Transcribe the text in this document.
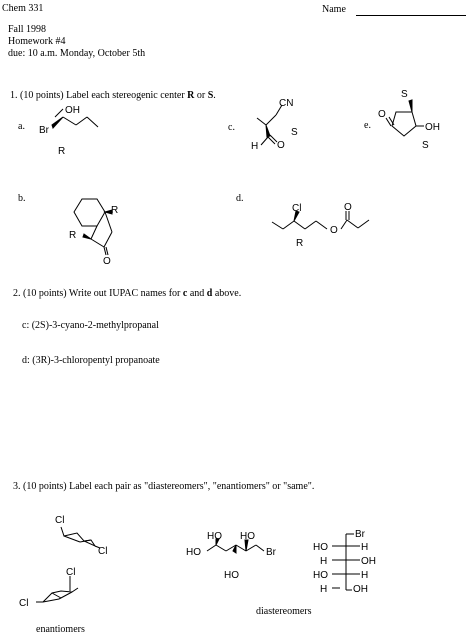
Chem 331	Name
Fall 1998
Homework #4
due: 10 a.m. Monday, October 5th
1. (10 points) Label each stereogenic center R or S.
a.	c.	e.
b.	d.
2. (10 points) Write out IUPAC names for c and d above.
c: (2S)-3-cyano-2-methylpropanal
d: (3R)-3-chloropentyl propanoate
3. (10 points) Label each pair as "diastereomers", "enantiomers" or "same".
enantiomers
diastereomers
OH
Br
R
CN
H O
S
O
OH
S
S
R
R
O
Cl
O
O
R
Cl
Cl
Cl
Cl
HO
HO
HO
HO
Br
Br
HO	H
H	OH
HO	H
H	OH
